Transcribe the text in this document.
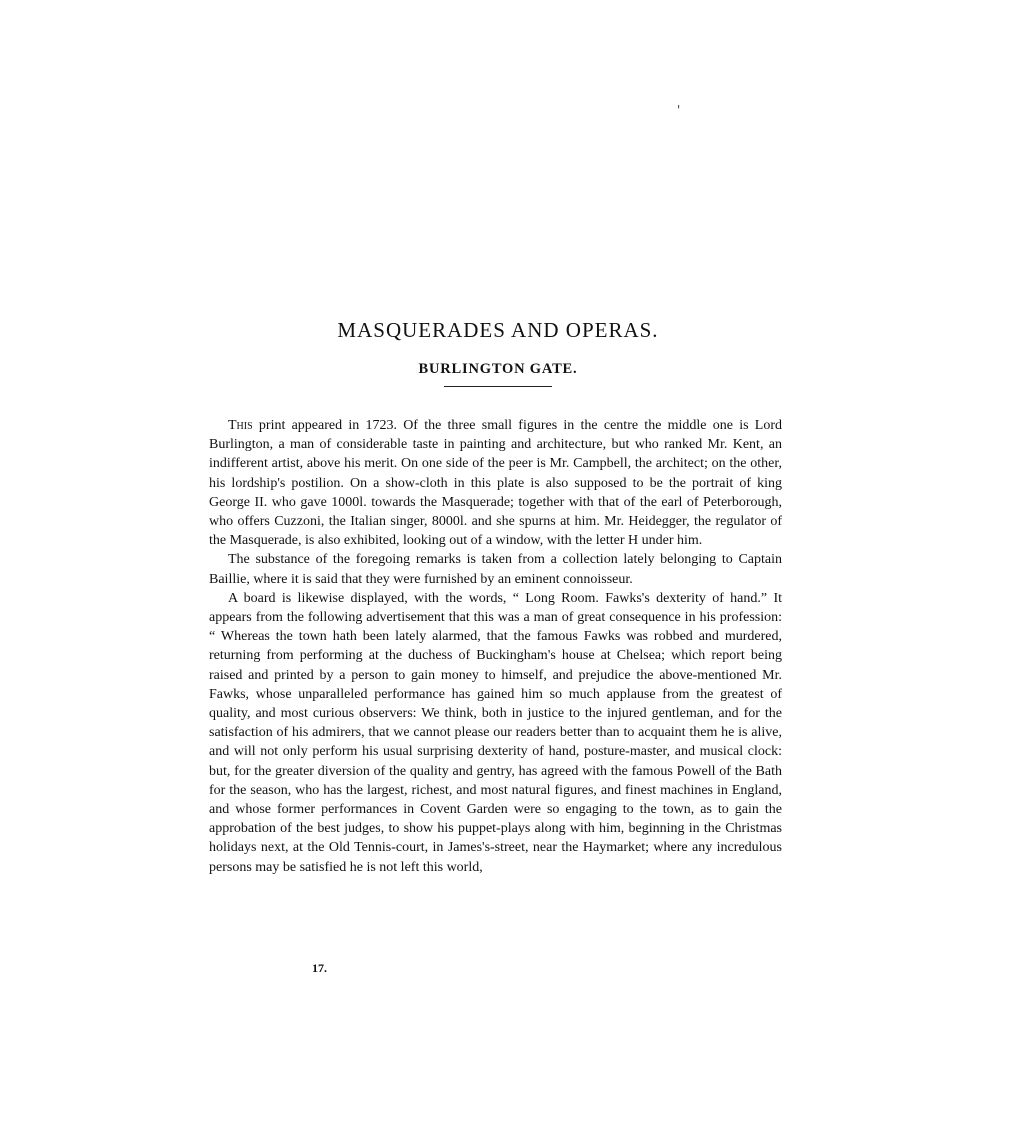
'
MASQUERADES AND OPERAS.
BURLINGTON GATE.

This print appeared in 1723. Of the three small figures in the centre the middle one is Lord Burlington, a man of considerable taste in painting and architecture, but who ranked Mr. Kent, an indifferent artist, above his merit. On one side of the peer is Mr. Campbell, the architect; on the other, his lordship's postilion. On a show-cloth in this plate is also supposed to be the portrait of king George II. who gave 1000l. towards the Masquerade; together with that of the earl of Peterborough, who offers Cuzzoni, the Italian singer, 8000l. and she spurns at him. Mr. Heidegger, the regulator of the Masquerade, is also exhibited, looking out of a window, with the letter H under him.

The substance of the foregoing remarks is taken from a collection lately belonging to Captain Baillie, where it is said that they were furnished by an eminent connoisseur.

A board is likewise displayed, with the words, “ Long Room. Fawks's dexterity of hand.” It appears from the following advertisement that this was a man of great consequence in his profession: “ Whereas the town hath been lately alarmed, that the famous Fawks was robbed and murdered, returning from performing at the duchess of Buckingham's house at Chelsea; which report being raised and printed by a person to gain money to himself, and prejudice the above-mentioned Mr. Fawks, whose unparalleled performance has gained him so much applause from the greatest of quality, and most curious observers: We think, both in justice to the injured gentleman, and for the satisfaction of his admirers, that we cannot please our readers better than to acquaint them he is alive, and will not only perform his usual surprising dexterity of hand, posture-master, and musical clock: but, for the greater diversion of the quality and gentry, has agreed with the famous Powell of the Bath for the season, who has the largest, richest, and most natural figures, and finest machines in England, and whose former performances in Covent Garden were so engaging to the town, as to gain the approbation of the best judges, to show his puppet-plays along with him, beginning in the Christmas holidays next, at the Old Tennis-court, in James's-street, near the Haymarket; where any incredulous persons may be satisfied he is not left this world,

17.
